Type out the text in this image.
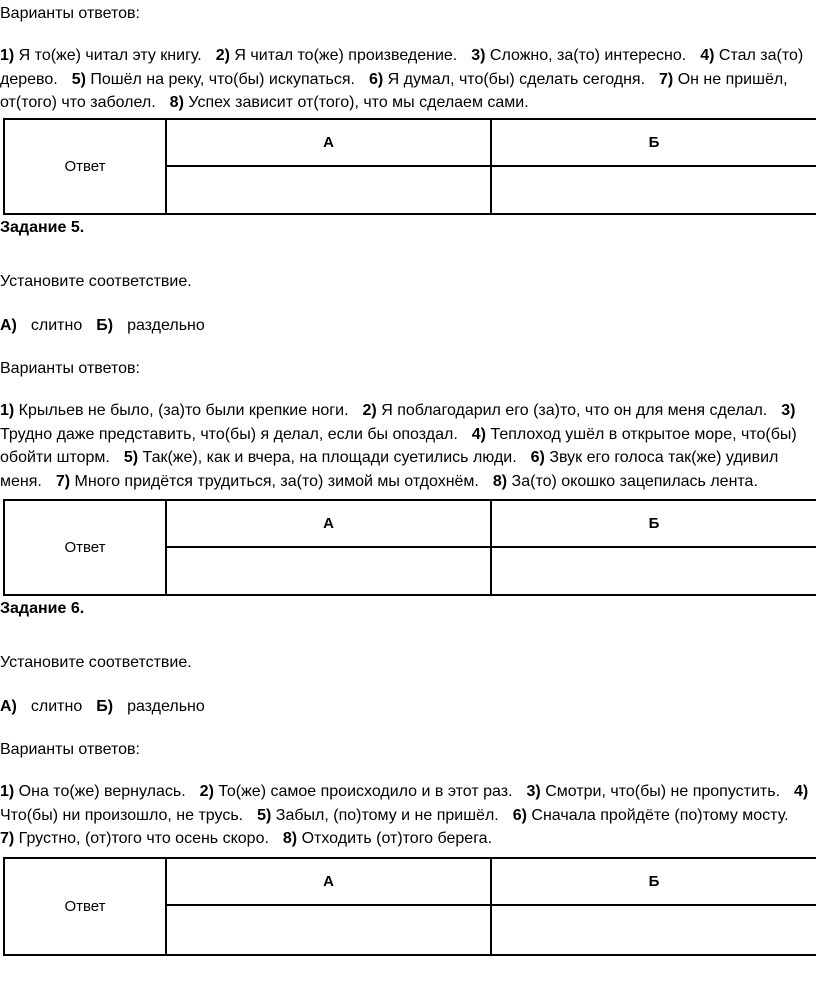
Варианты ответов:
1) Я то(же) читал эту книгу. 2) Я читал то(же) произведение. 3) Сложно, за(то) интересно. 4) Стал за(то)
дерево. 5) Пошёл на реку, что(бы) искупаться. 6) Я думал, что(бы) сделать сегодня. 7) Он не пришёл,
от(того) что заболел. 8) Успех зависит от(того), что мы сделаем сами.
Ответ	А	Б

Задание 5.
Установите соответствие.
А) слитно Б) раздельно
Варианты ответов:
1) Крыльев не было, (за)то были крепкие ноги. 2) Я поблагодарил его (за)то, что он для меня сделал. 3)
Трудно даже представить, что(бы) я делал, если бы опоздал. 4) Теплоход ушёл в открытое море, что(бы)
обойти шторм. 5) Так(же), как и вчера, на площади суетились люди. 6) Звук его голоса так(же) удивил
меня. 7) Много придётся трудиться, за(то) зимой мы отдохнём. 8) За(то) окошко зацепилась лента.
Ответ	А	Б

Задание 6.
Установите соответствие.
А) слитно Б) раздельно
Варианты ответов:
1) Она то(же) вернулась. 2) То(же) самое происходило и в этот раз. 3) Смотри, что(бы) не пропустить. 4)
Что(бы) ни произошло, не трусь. 5) Забыл, (по)тому и не пришёл. 6) Сначала пройдёте (по)тому мосту.
7) Грустно, (от)того что осень скоро. 8) Отходить (от)того берега.
Ответ	А	Б
